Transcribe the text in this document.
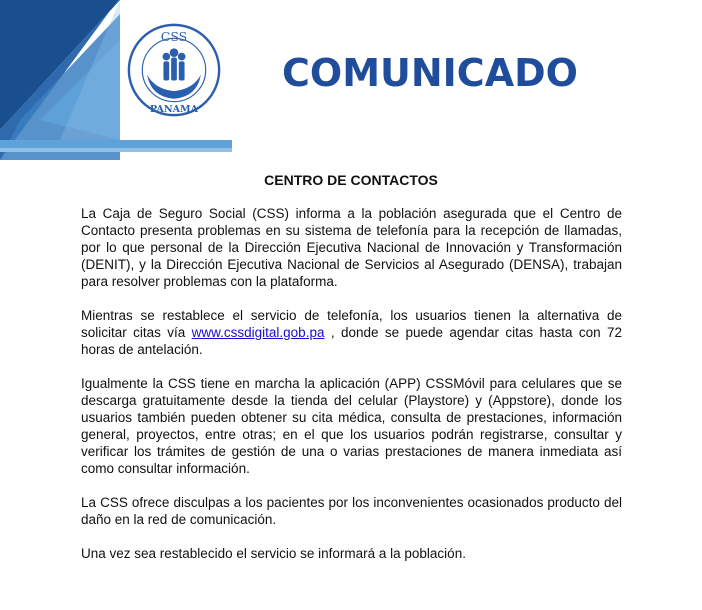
CSS
PANAMA
COMUNICADO
CENTRO DE CONTACTOS

La Caja de Seguro Social (CSS) informa a la población asegurada que el Centro de Contacto presenta problemas en su sistema de telefonía para la recepción de llamadas, por lo que personal de la Dirección Ejecutiva Nacional de Innovación y Transformación (DENIT), y la Dirección Ejecutiva Nacional de Servicios al Asegurado (DENSA), trabajan para resolver problemas con la plataforma.

Mientras se restablece el servicio de telefonía, los usuarios tienen la alternativa de solicitar citas vía www.cssdigital.gob.pa , donde se puede agendar citas hasta con 72 horas de antelación.

Igualmente la CSS tiene en marcha la aplicación (APP) CSSMóvil para celulares que se descarga gratuitamente desde la tienda del celular (Playstore) y (Appstore), donde los usuarios también pueden obtener su cita médica, consulta de prestaciones, información general, proyectos, entre otras; en el que los usuarios podrán registrarse, consultar y verificar los trámites de gestión de una o varias prestaciones de manera inmediata así como consultar información.

La CSS ofrece disculpas a los pacientes por los inconvenientes ocasionados producto del daño en la red de comunicación.

Una vez sea restablecido el servicio se informará a la población.
